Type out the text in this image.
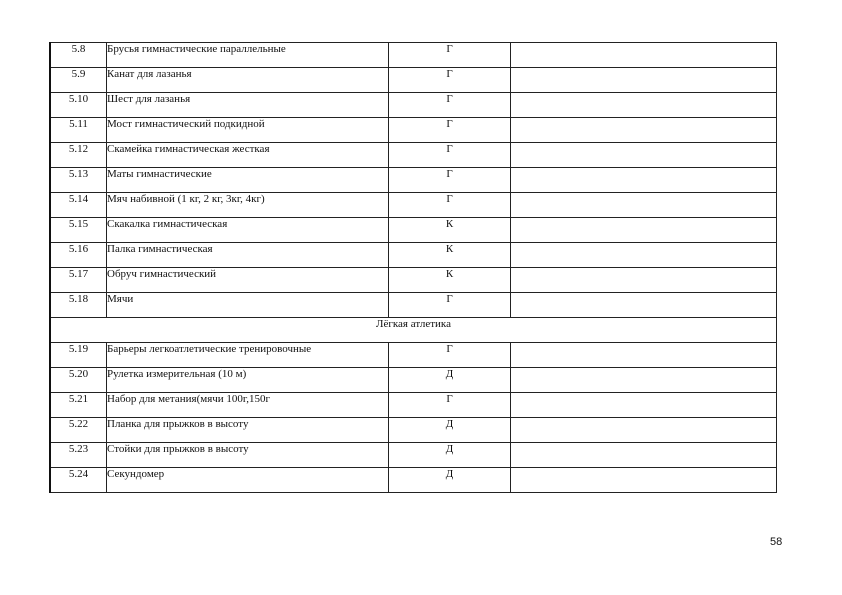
5.8	Брусья гимнастические параллельные	Г	
5.9	Канат для лазанья	Г	
5.10	Шест для лазанья	Г	
5.11	Мост гимнастический подкидной	Г	
5.12	Скамейка гимнастическая жесткая	Г	
5.13	Маты гимнастические	Г	
5.14	Мяч набивной (1 кг, 2 кг, 3кг, 4кг)	Г	
5.15	Скакалка гимнастическая	К	
5.16	Палка гимнастическая	К	
5.17	Обруч гимнастический	К	
5.18	Мячи	Г	
Лёгкая атлетика			
5.19	Барьеры легкоатлетические тренировочные	Г	
5.20	Рулетка измерительная (10 м)	Д	
5.21	Набор для метания(мячи 100г,150г	Г	
5.22	Планка для прыжков в высоту	Д	
5.23	Стойки для прыжков в высоту	Д	
5.24	Секундомер	Д	
58
